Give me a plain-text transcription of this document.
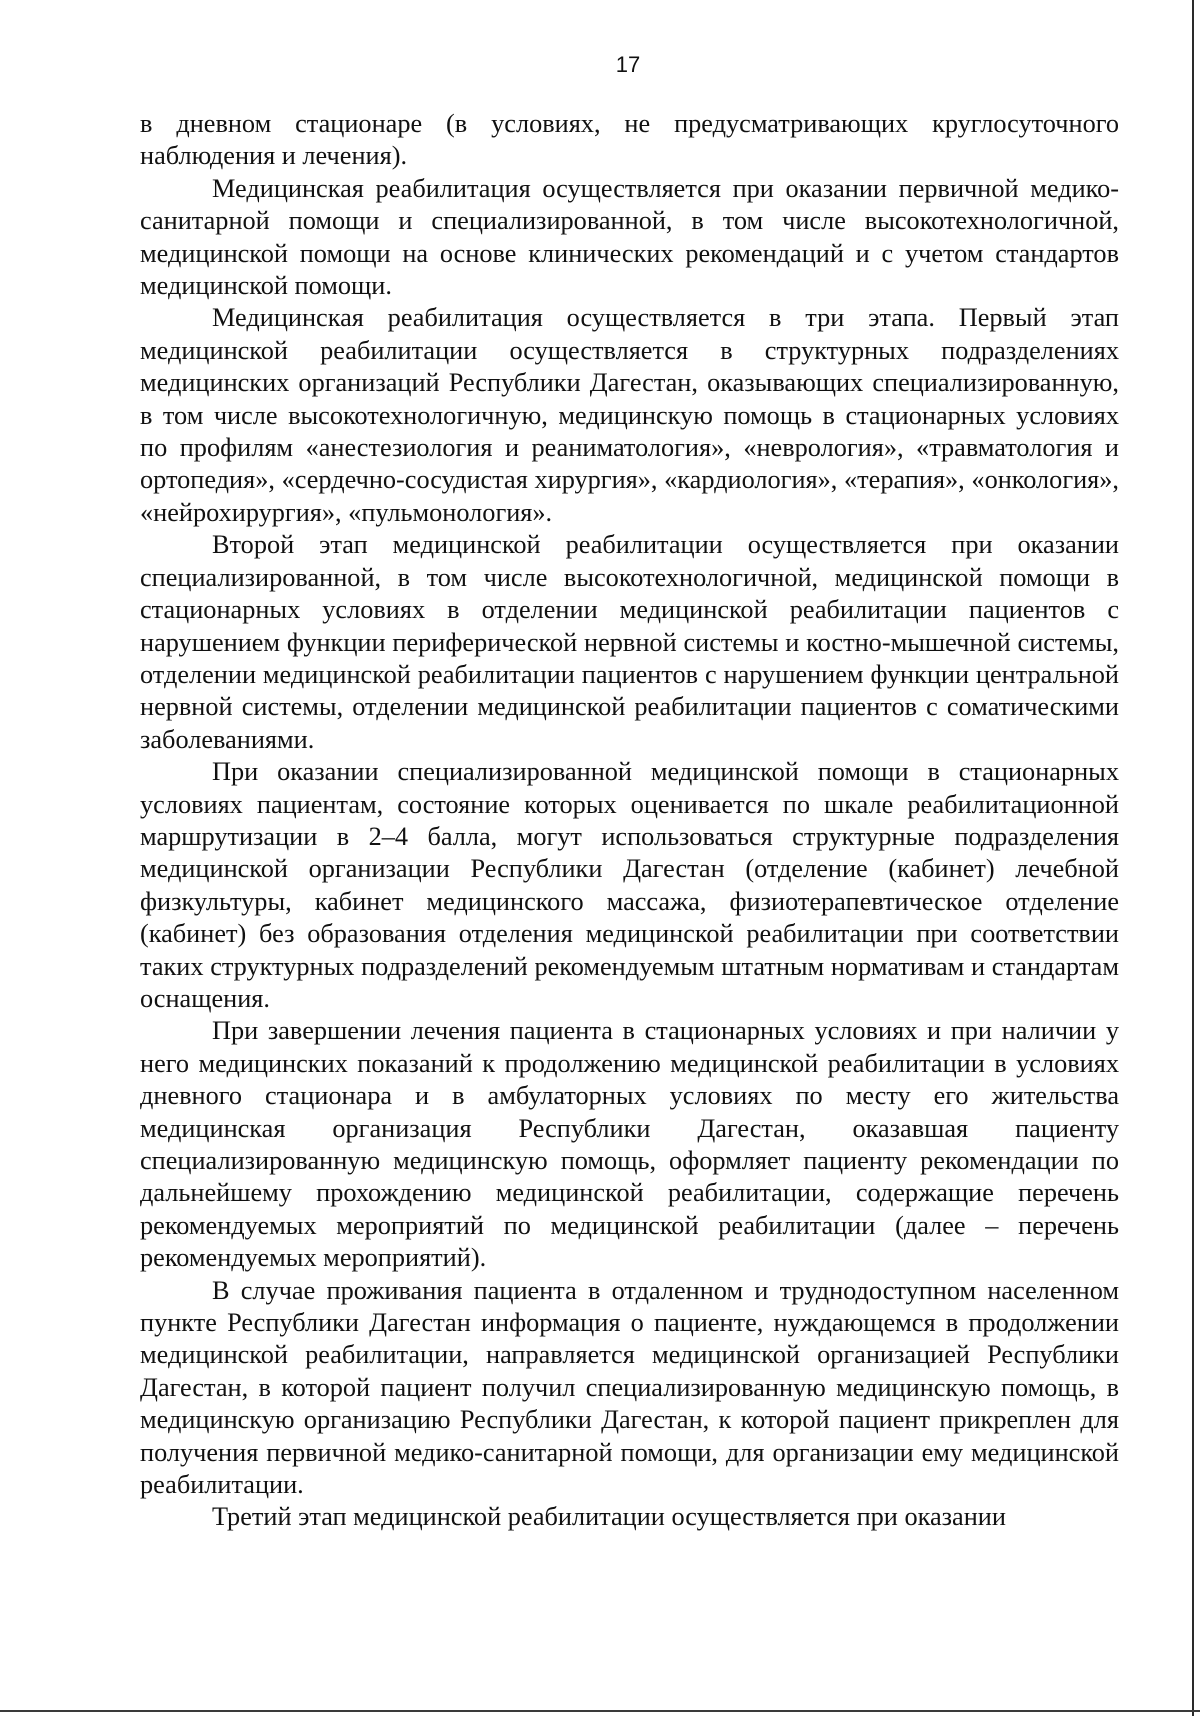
17

в дневном стационаре (в условиях, не предусматривающих круглосуточного наблюдения и лечения).

Медицинская реабилитация осуществляется при оказании первичной медико-санитарной помощи и специализированной, в том числе высокотехнологичной, медицинской помощи на основе клинических рекомендаций и с учетом стандартов медицинской помощи.

Медицинская реабилитация осуществляется в три этапа. Первый этап медицинской реабилитации осуществляется в структурных подразделениях медицинских организаций Республики Дагестан, оказывающих специализированную, в том числе высокотехнологичную, медицинскую помощь в стационарных условиях по профилям «анестезиология и реаниматология», «неврология», «травматология и ортопедия», «сердечно-сосудистая хирургия», «кардиология», «терапия», «онкология», «нейрохирургия», «пульмонология».

Второй этап медицинской реабилитации осуществляется при оказании специализированной, в том числе высокотехнологичной, медицинской помощи в стационарных условиях в отделении медицинской реабилитации пациентов с нарушением функции периферической нервной системы и костно-мышечной системы, отделении медицинской реабилитации пациентов с нарушением функции центральной нервной системы, отделении медицинской реабилитации пациентов с соматическими заболеваниями.

При оказании специализированной медицинской помощи в стационарных условиях пациентам, состояние которых оценивается по шкале реабилитационной маршрутизации в 2–4 балла, могут использоваться структурные подразделения медицинской организации Республики Дагестан (отделение (кабинет) лечебной физкультуры, кабинет медицинского массажа, физиотерапевтическое отделение (кабинет) без образования отделения медицинской реабилитации при соответствии таких структурных подразделений рекомендуемым штатным нормативам и стандартам оснащения.

При завершении лечения пациента в стационарных условиях и при наличии у него медицинских показаний к продолжению медицинской реабилитации в условиях дневного стационара и в амбулаторных условиях по месту его жительства медицинская организация Республики Дагестан, оказавшая пациенту специализированную медицинскую помощь, оформляет пациенту рекомендации по дальнейшему прохождению медицинской реабилитации, содержащие перечень рекомендуемых мероприятий по медицинской реабилитации (далее – перечень рекомендуемых мероприятий).

В случае проживания пациента в отдаленном и труднодоступном населенном пункте Республики Дагестан информация о пациенте, нуждающемся в продолжении медицинской реабилитации, направляется медицинской организацией Республики Дагестан, в которой пациент получил специализированную медицинскую помощь, в медицинскую организацию Республики Дагестан, к которой пациент прикреплен для получения первичной медико-санитарной помощи, для организации ему медицинской реабилитации.

Третий этап медицинской реабилитации осуществляется при оказании
